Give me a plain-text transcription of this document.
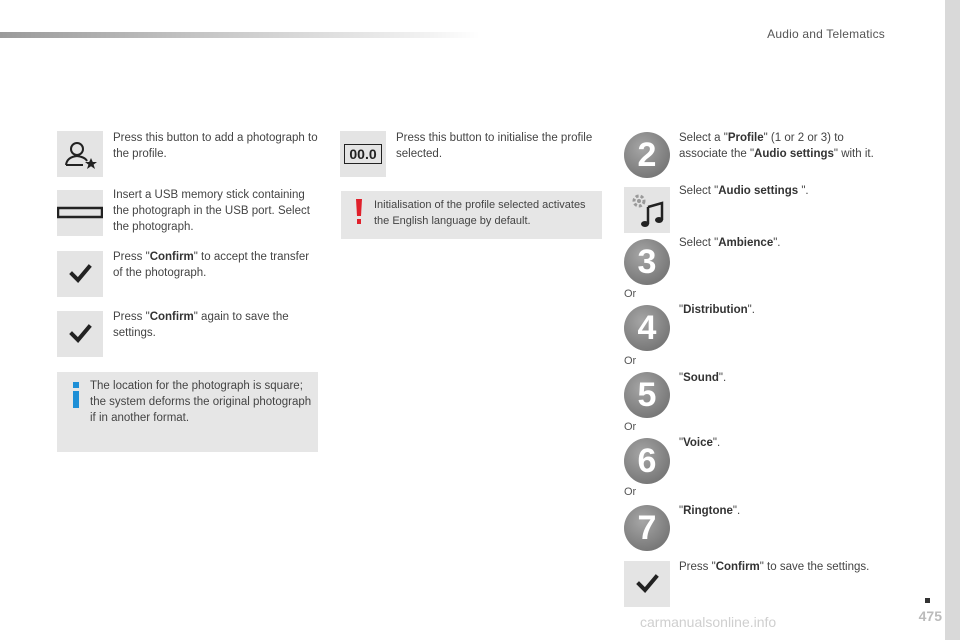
Audio and Telematics
Press this button to add a photograph to the profile.
Insert a USB memory stick containing the photograph in the USB port. Select the photograph.
Press "Confirm" to accept the transfer of the photograph.
Press "Confirm" again to save the settings.
The location for the photograph is square; the system deforms the original photograph if in another format.
00.0
Press this button to initialise the profile selected.
Initialisation of the profile selected activates the English language by default.
2	Select a "Profile" (1 or 2 or 3) to associate the "Audio settings" with it.
Select "Audio settings ".
3	Select "Ambience".
Or
4	"Distribution".
Or
5	"Sound".
Or
6	"Voice".
Or
7	"Ringtone".
Press "Confirm" to save the settings.
475
carmanualsonline.info
